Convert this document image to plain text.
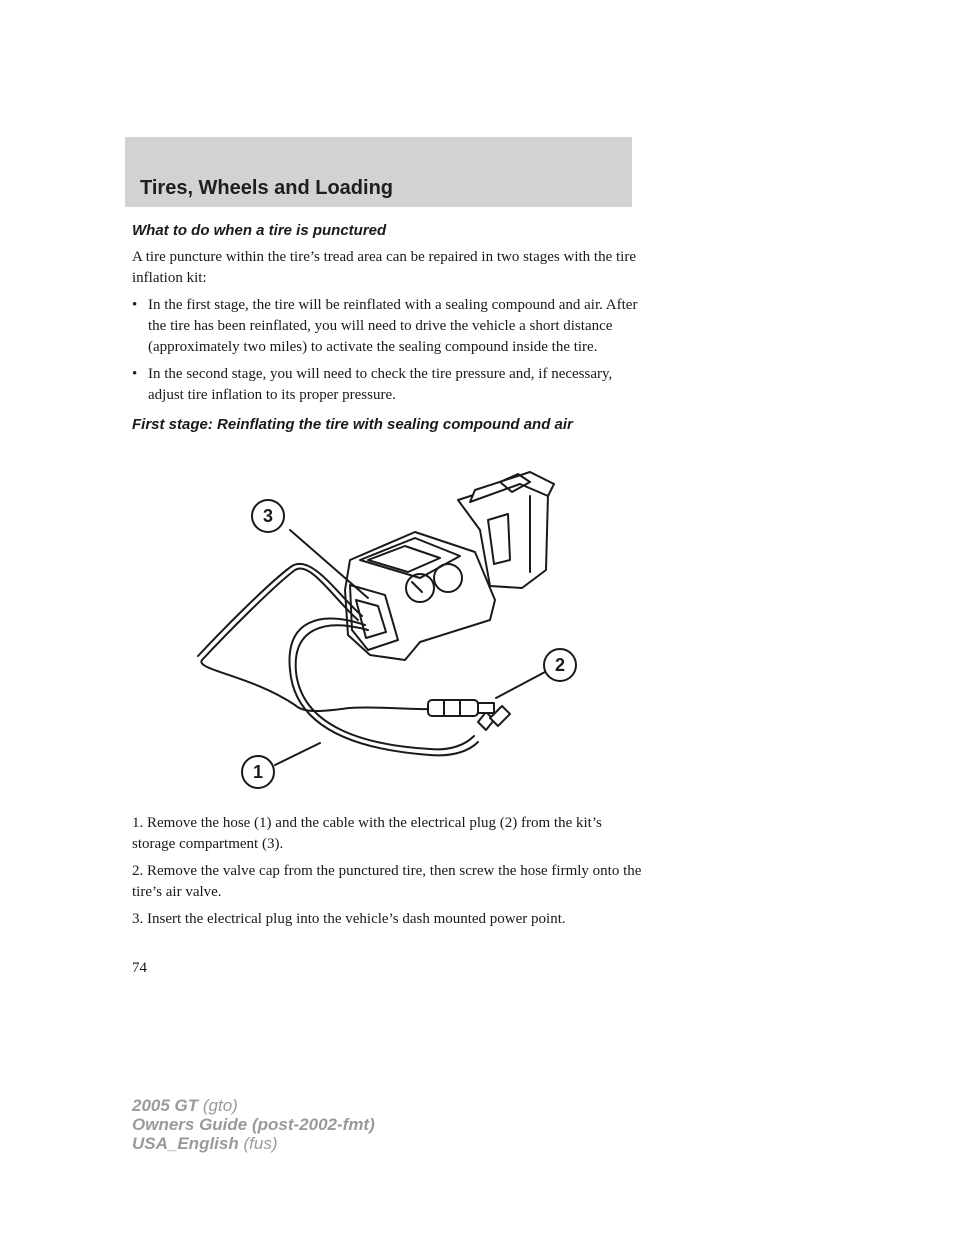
Tires, Wheels and Loading

What to do when a tire is punctured

A tire puncture within the tire’s tread area can be repaired in two stages with the tire inflation kit:

• In the first stage, the tire will be reinflated with a sealing compound and air. After the tire has been reinflated, you will need to drive the vehicle a short distance (approximately two miles) to activate the sealing compound inside the tire.
• In the second stage, you will need to check the tire pressure and, if necessary, adjust tire inflation to its proper pressure.

First stage: Reinflating the tire with sealing compound and air

3
2
1

1. Remove the hose (1) and the cable with the electrical plug (2) from the kit’s storage compartment (3).

2. Remove the valve cap from the punctured tire, then screw the hose firmly onto the tire’s air valve.

3. Insert the electrical plug into the vehicle’s dash mounted power point.

74

2005 GT (gto)
Owners Guide (post-2002-fmt)
USA_English (fus)
